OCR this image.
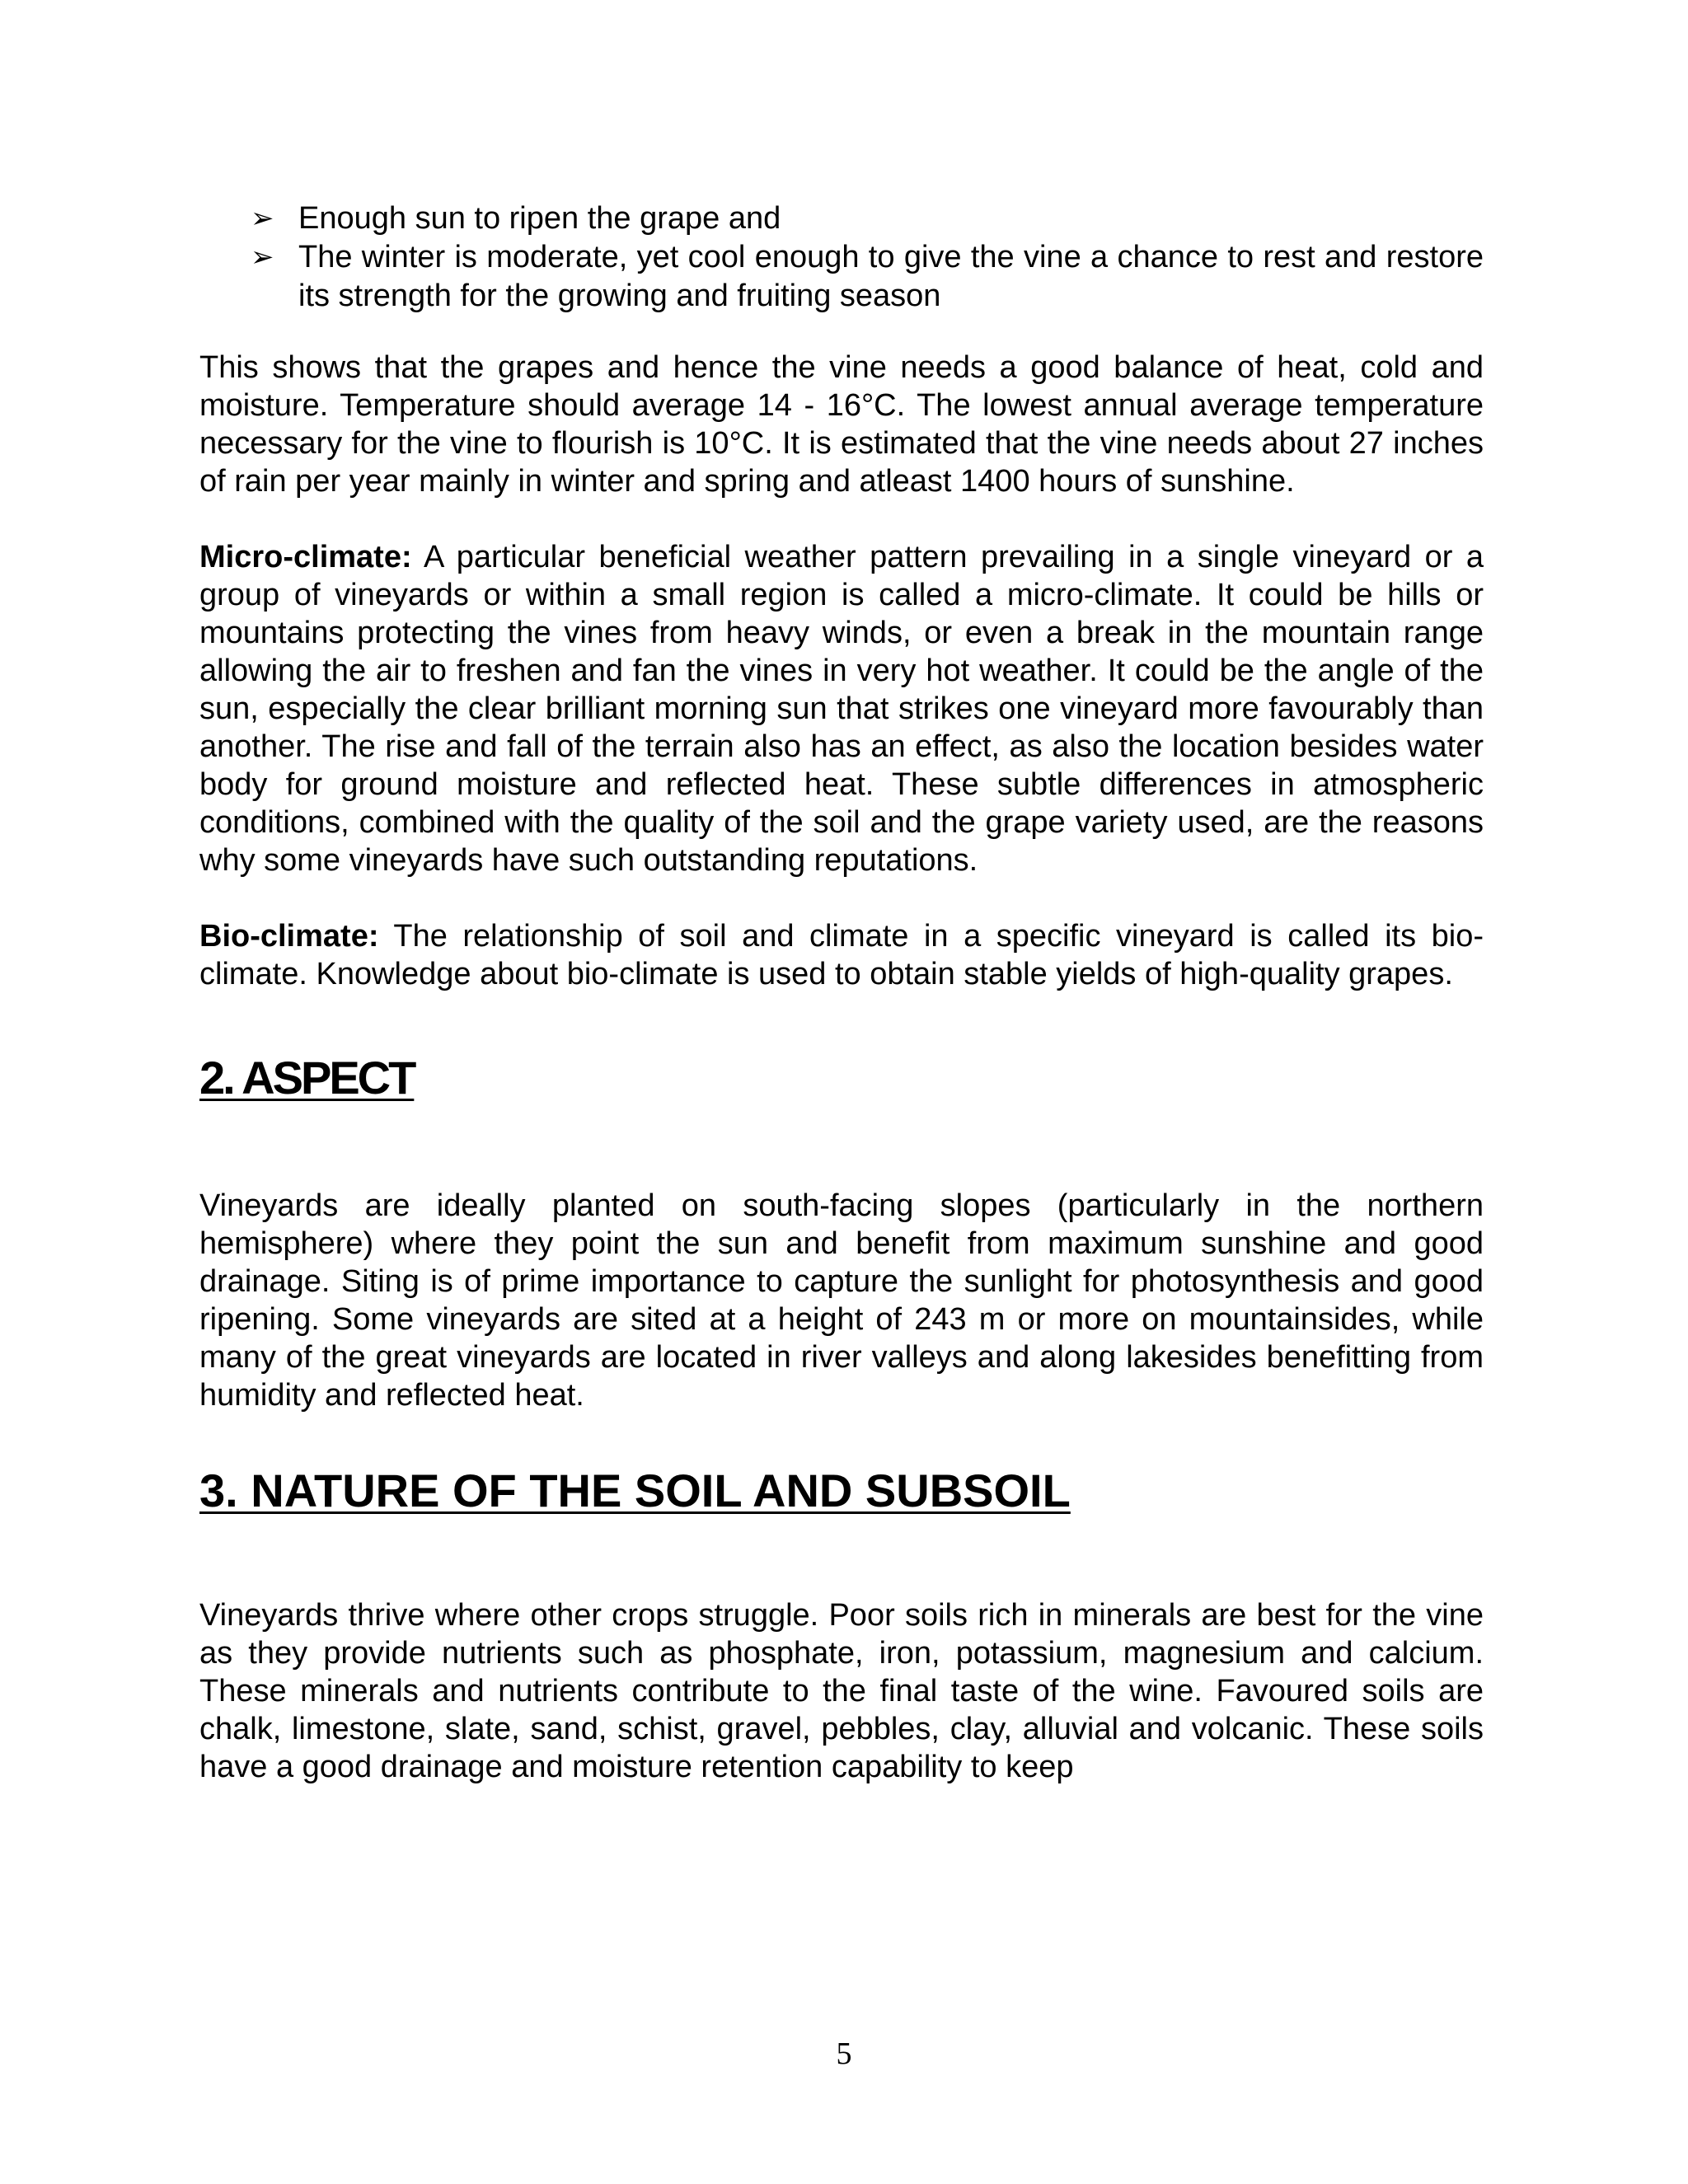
➢ Enough sun to ripen the grape and
➢ The winter is moderate, yet cool enough to give the vine a chance to rest and restore its strength for the growing and fruiting season

This shows that the grapes and hence the vine needs a good balance of heat, cold and moisture. Temperature should average 14 - 16°C. The lowest annual average temperature necessary for the vine to flourish is 10°C. It is estimated that the vine needs about 27 inches of rain per year mainly in winter and spring and atleast 1400 hours of sunshine.

Micro-climate: A particular beneficial weather pattern prevailing in a single vineyard or a group of vineyards or within a small region is called a micro-climate. It could be hills or mountains protecting the vines from heavy winds, or even a break in the mountain range allowing the air to freshen and fan the vines in very hot weather. It could be the angle of the sun, especially the clear brilliant morning sun that strikes one vineyard more favourably than another. The rise and fall of the terrain also has an effect, as also the location besides water body for ground moisture and reflected heat. These subtle differences in atmospheric conditions, combined with the quality of the soil and the grape variety used, are the reasons why some vineyards have such outstanding reputations.

Bio-climate: The relationship of soil and climate in a specific vineyard is called its bio-climate. Knowledge about bio-climate is used to obtain stable yields of high-quality grapes.

2. ASPECT

Vineyards are ideally planted on south-facing slopes (particularly in the northern hemisphere) where they point the sun and benefit from maximum sunshine and good drainage. Siting is of prime importance to capture the sunlight for photosynthesis and good ripening. Some vineyards are sited at a height of 243 m or more on mountainsides, while many of the great vineyards are located in river valleys and along lakesides benefitting from humidity and reflected heat.

3. NATURE OF THE SOIL AND SUBSOIL

Vineyards thrive where other crops struggle. Poor soils rich in minerals are best for the vine as they provide nutrients such as phosphate, iron, potassium, magnesium and calcium. These minerals and nutrients contribute to the final taste of the wine. Favoured soils are chalk, limestone, slate, sand, schist, gravel, pebbles, clay, alluvial and volcanic. These soils have a good drainage and moisture retention capability to keep

5
